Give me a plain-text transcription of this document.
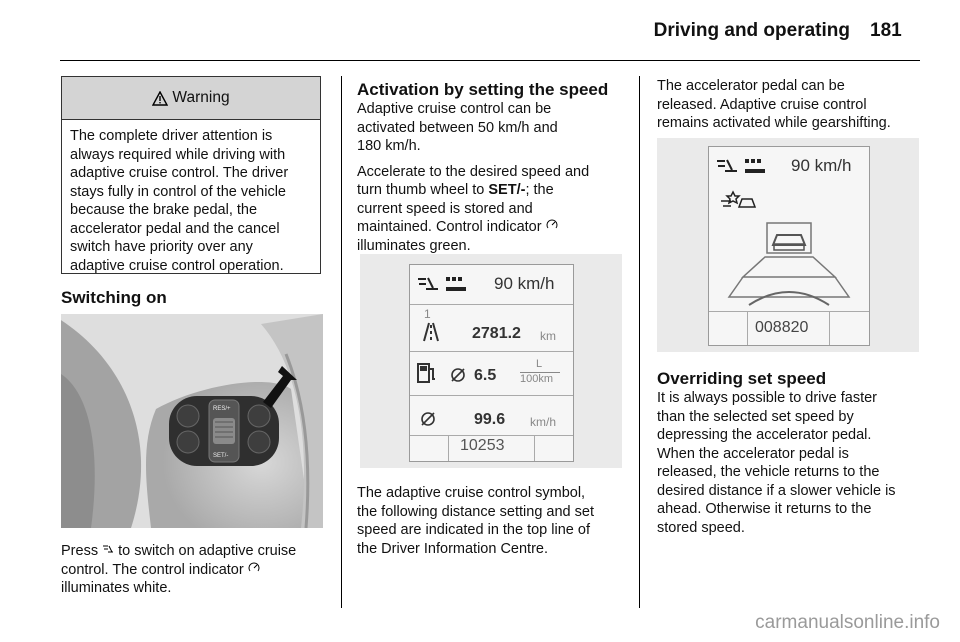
Driving and operating 181
Warning
The complete driver attention is
always required while driving with
adaptive cruise control. The driver
stays fully in control of the vehicle
because the brake pedal, the
accelerator pedal and the cancel
switch have priority over any
adaptive cruise control operation.
Switching on
RES/+
SET/-
Press  to switch on adaptive cruise
control. The control indicator
illuminates white.
Activation by setting the speed

Adaptive cruise control can be
activated between 50 km/h and
180 km/h.

Accelerate to the desired speed and
turn thumb wheel to SET/-; the
current speed is stored and
maintained. Control indicator
illuminates green.

90 km/h
1
2781.2 km
6.5
L
100km
99.6 km/h
10253
The adaptive cruise control symbol,
the following distance setting and set
speed are indicated in the top line of
the Driver Information Centre.
The accelerator pedal can be
released. Adaptive cruise control
remains activated while gearshifting.
90 km/h
008820
Overriding set speed
It is always possible to drive faster
than the selected set speed by
depressing the accelerator pedal.
When the accelerator pedal is
released, the vehicle returns to the
desired distance if a slower vehicle is
ahead. Otherwise it returns to the
stored speed.
carmanualsonline.info
